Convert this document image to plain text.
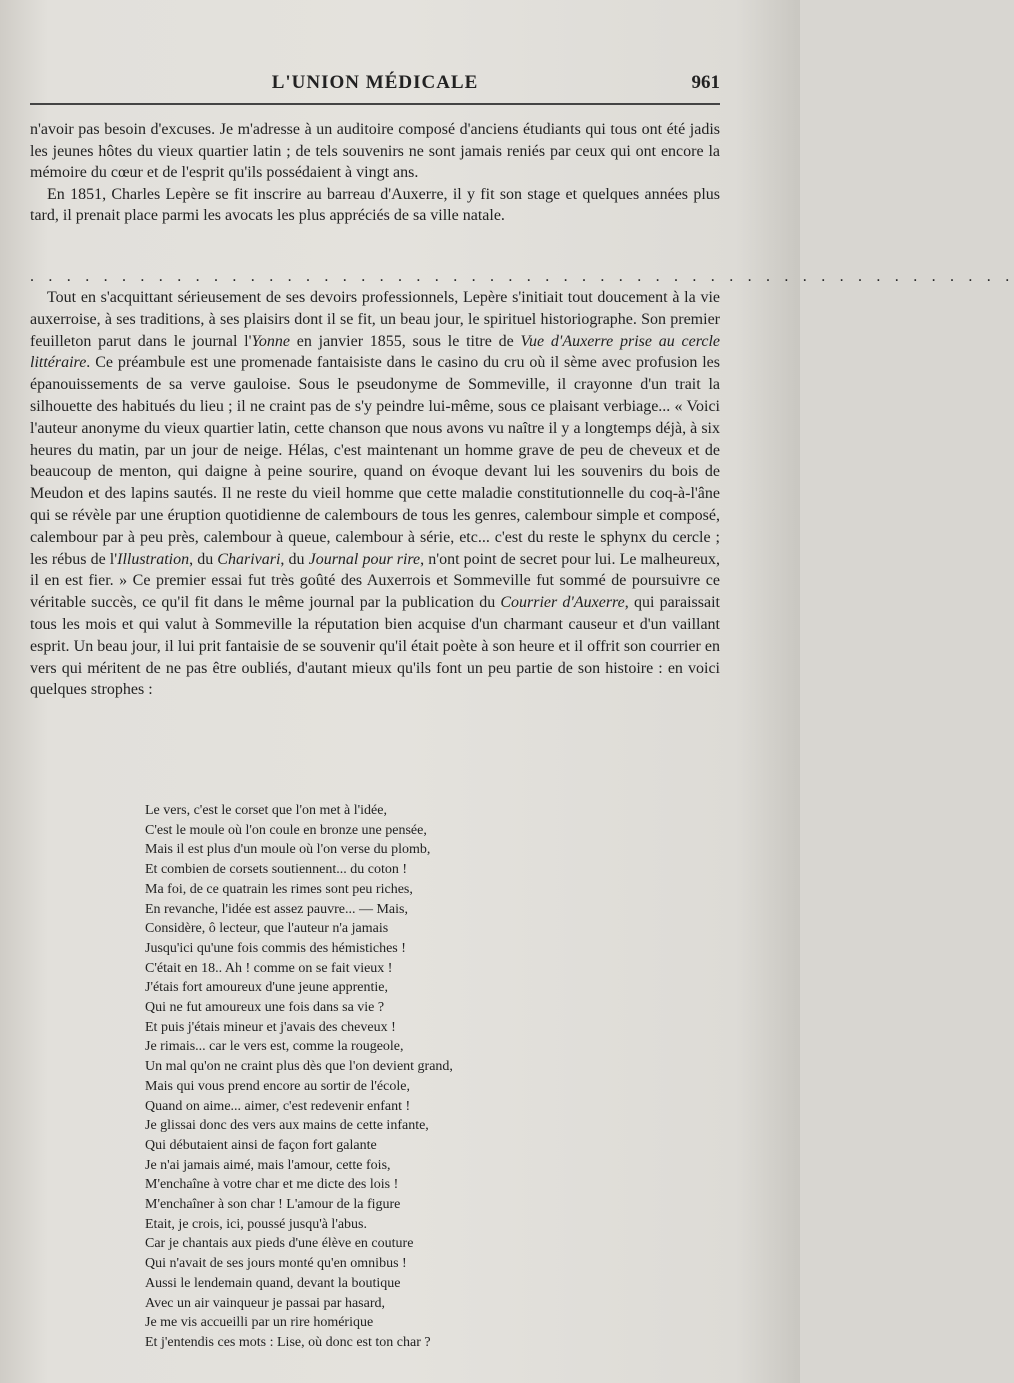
L'UNION MÉDICALE	961

n'avoir pas besoin d'excuses. Je m'adresse à un auditoire composé d'anciens étudiants qui tous ont été jadis les jeunes hôtes du vieux quartier latin ; de tels souvenirs ne sont jamais reniés par ceux qui ont encore la mémoire du cœur et de l'esprit qu'ils possédaient à vingt ans.

En 1851, Charles Lepère se fit inscrire au barreau d'Auxerre, il y fit son stage et quelques années plus tard, il prenait place parmi les avocats les plus appréciés de sa ville natale.

. . . . . . . . . . . . . . . . . . . . . . . . . . . . . . . . . . . . . . . . . . . . . . . . . . . . . .

Tout en s'acquittant sérieusement de ses devoirs professionnels, Lepère s'initiait tout doucement à la vie auxerroise, à ses traditions, à ses plaisirs dont il se fit, un beau jour, le spirituel historiographe. Son premier feuilleton parut dans le journal l'Yonne en janvier 1855, sous le titre de Vue d'Auxerre prise au cercle littéraire. Ce préambule est une promenade fantaisiste dans le casino du cru où il sème avec profusion les épanouissements de sa verve gauloise. Sous le pseudonyme de Sommeville, il crayonne d'un trait la silhouette des habitués du lieu ; il ne craint pas de s'y peindre lui-même, sous ce plaisant verbiage... « Voici l'auteur anonyme du vieux quartier latin, cette chanson que nous avons vu naître il y a longtemps déjà, à six heures du matin, par un jour de neige. Hélas, c'est maintenant un homme grave de peu de cheveux et de beaucoup de menton, qui daigne à peine sourire, quand on évoque devant lui les souvenirs du bois de Meudon et des lapins sautés. Il ne reste du vieil homme que cette maladie constitutionnelle du coq-à-l'âne qui se révèle par une éruption quotidienne de calembours de tous les genres, calembour simple et composé, calembour par à peu près, calembour à queue, calembour à série, etc... c'est du reste le sphynx du cercle ; les rébus de l'Illustration, du Charivari, du Journal pour rire, n'ont point de secret pour lui. Le malheureux, il en est fier. » Ce premier essai fut très goûté des Auxerrois et Sommeville fut sommé de poursuivre ce véritable succès, ce qu'il fit dans le même journal par la publication du Courrier d'Auxerre, qui paraissait tous les mois et qui valut à Sommeville la réputation bien acquise d'un charmant causeur et d'un vaillant esprit. Un beau jour, il lui prit fantaisie de se souvenir qu'il était poète à son heure et il offrit son courrier en vers qui méritent de ne pas être oubliés, d'autant mieux qu'ils font un peu partie de son histoire : en voici quelques strophes :

Le vers, c'est le corset que l'on met à l'idée,
C'est le moule où l'on coule en bronze une pensée,
Mais il est plus d'un moule où l'on verse du plomb,
Et combien de corsets soutiennent... du coton !
Ma foi, de ce quatrain les rimes sont peu riches,
En revanche, l'idée est assez pauvre... — Mais,
Considère, ô lecteur, que l'auteur n'a jamais
Jusqu'ici qu'une fois commis des hémistiches !
C'était en 18.. Ah ! comme on se fait vieux !
J'étais fort amoureux d'une jeune apprentie,
Qui ne fut amoureux une fois dans sa vie ?
Et puis j'étais mineur et j'avais des cheveux !
Je rimais... car le vers est, comme la rougeole,
Un mal qu'on ne craint plus dès que l'on devient grand,
Mais qui vous prend encore au sortir de l'école,
Quand on aime... aimer, c'est redevenir enfant !
Je glissai donc des vers aux mains de cette infante,
Qui débutaient ainsi de façon fort galante
Je n'ai jamais aimé, mais l'amour, cette fois,
M'enchaîne à votre char et me dicte des lois !
M'enchaîner à son char ! L'amour de la figure
Etait, je crois, ici, poussé jusqu'à l'abus.
Car je chantais aux pieds d'une élève en couture
Qui n'avait de ses jours monté qu'en omnibus !
Aussi le lendemain quand, devant la boutique
Avec un air vainqueur je passai par hasard,
Je me vis accueilli par un rire homérique
Et j'entendis ces mots : Lise, où donc est ton char ?
